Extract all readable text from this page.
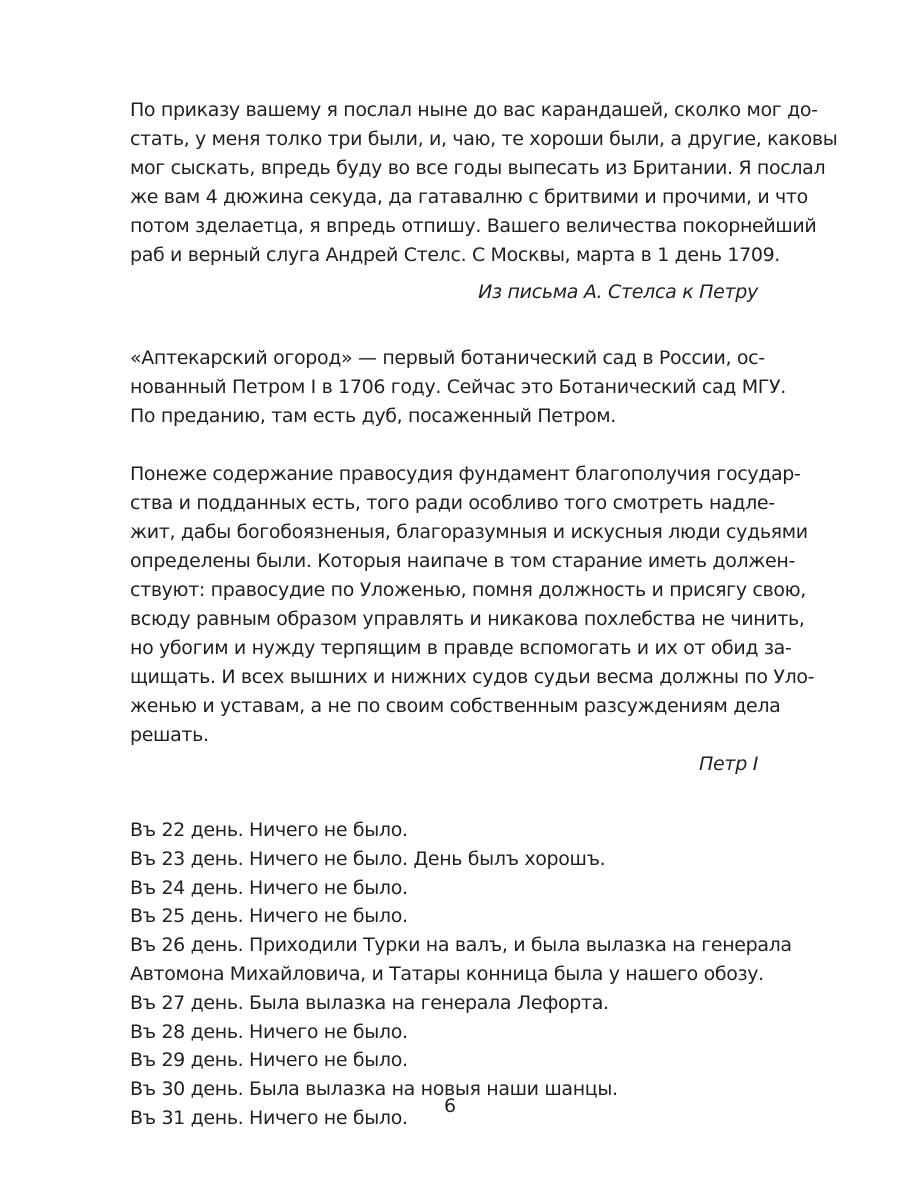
По приказу вашему я послал ныне до вас карандашей, сколко мог до-
стать, у меня толко три были, и, чаю, те хороши были, а другие, каковы
мог сыскать, впредь буду во все годы выпесать из Британии. Я послал
же вам 4 дюжина секуда, да гатавалню с бритвими и прочими, и что
потом зделаетца, я впредь отпишу. Вашего величества покорнейший
раб и верный слуга Андрей Стелс. С Москвы, марта в 1 день 1709.

Из письма А. Стелса к Петру

«Аптекарский огород» — первый ботанический сад в России, ос-
нованный Петром I в 1706 году. Сейчас это Ботанический сад МГУ.
По преданию, там есть дуб, посаженный Петром.

Понеже содержание правосудия фундамент благополучия государ-
ства и подданных есть, того ради особливо того смотреть надле-
жит, дабы богобоязненыя, благоразумныя и искусныя люди судьями
определены были. Которыя наипаче в том старание иметь должен-
ствуют: правосудие по Уложенью, помня должность и присягу свою,
всюду равным образом управлять и никакова похлебства не чинить,
но убогим и нужду терпящим в правде вспомогать и их от обид за-
щищать. И всех вышних и нижних судов судьи весма должны по Уло-
женью и уставам, а не по своим собственным разсуждениям дела
решать.

Петр I

Въ 22 день. Ничего не было.
Въ 23 день. Ничего не было. День былъ хорошъ.
Въ 24 день. Ничего не было.
Въ 25 день. Ничего не было.
Въ 26 день. Приходили Турки на валъ, и была вылазка на генерала
Автомона Михайловича, и Татары конница была у нашего обозу.
Въ 27 день. Была вылазка на генерала Лефорта.
Въ 28 день. Ничего не было.
Въ 29 день. Ничего не было.
Въ 30 день. Была вылазка на новыя наши шанцы.
Въ 31 день. Ничего не было.
6
